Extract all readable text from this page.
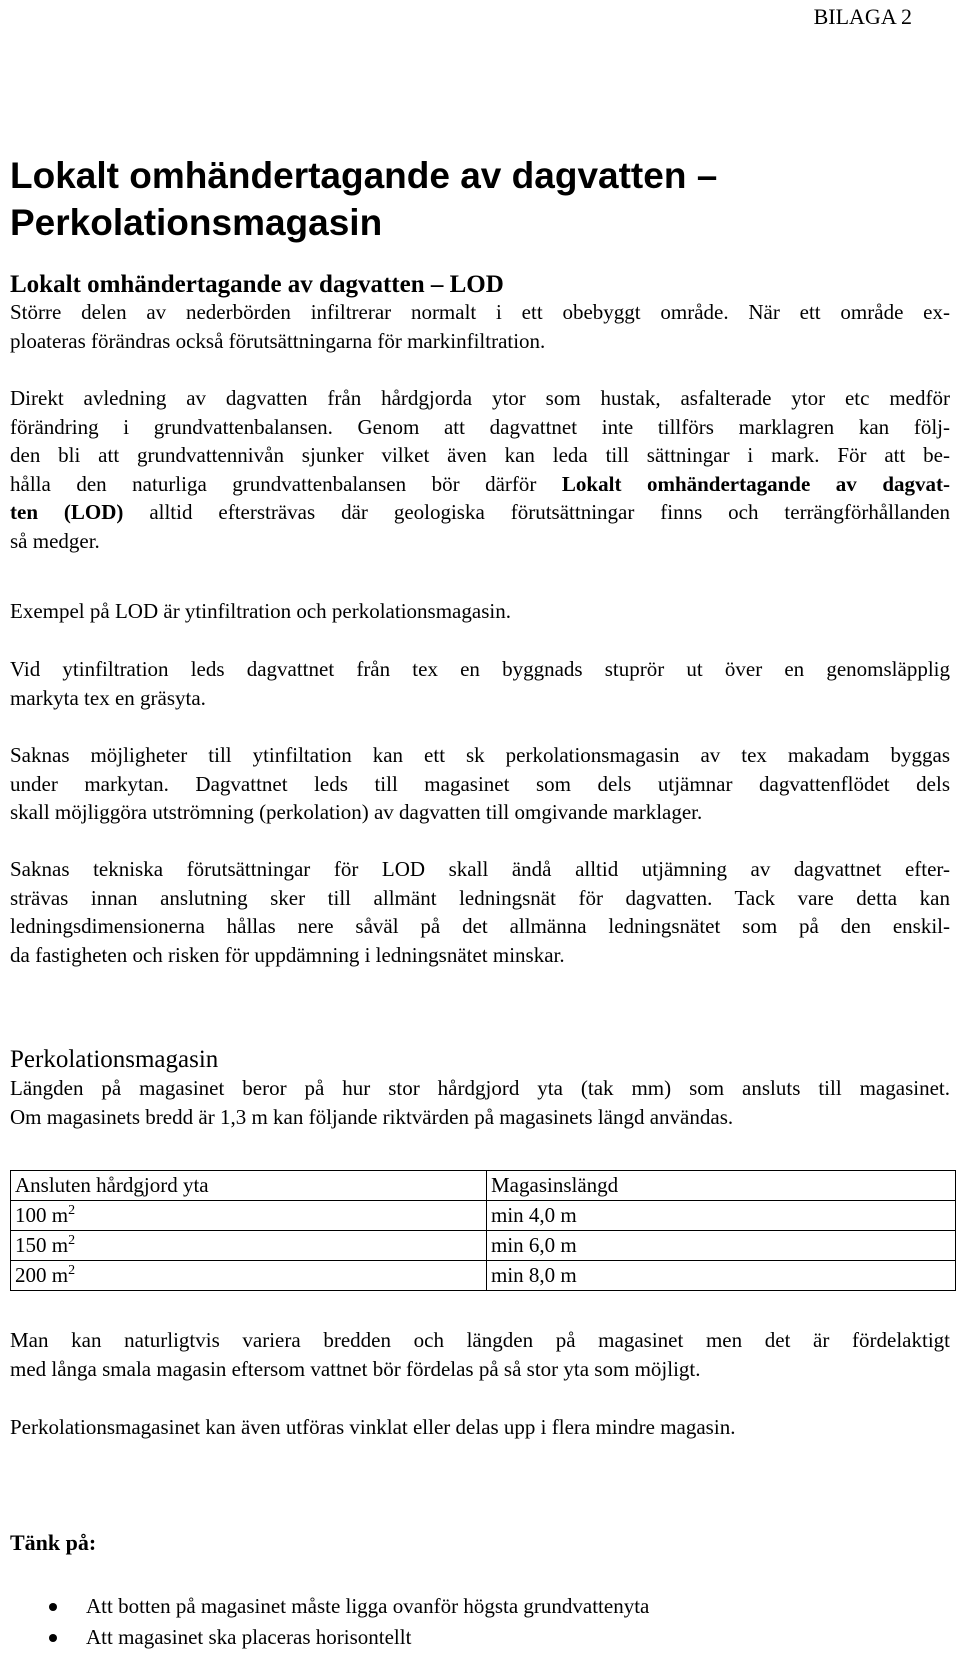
BILAGA 2
Lokalt omhändertagande av dagvatten –
Perkolationsmagasin
Lokalt omhändertagande av dagvatten – LOD
Större delen av nederbörden infiltrerar normalt i ett obebyggt område. När ett område ex-
ploateras förändras också förutsättningarna för markinfiltration.
Direkt avledning av dagvatten från hårdgjorda ytor som hustak, asfalterade ytor etc medför
förändring i grundvattenbalansen. Genom att dagvattnet inte tillförs marklagren kan följ-
den bli att grundvattennivån sjunker vilket även kan leda till sättningar i mark. För att be-
hålla den naturliga grundvattenbalansen bör därför Lokalt omhändertagande av dagvat-
ten (LOD) alltid eftersträvas där geologiska förutsättningar finns och terrängförhållanden
så medger.
Exempel på LOD är ytinfiltration och perkolationsmagasin.
Vid ytinfiltration leds dagvattnet från tex en byggnads stuprör ut över en genomsläpplig
markyta tex en gräsyta.
Saknas möjligheter till ytinfiltation kan ett sk perkolationsmagasin av tex makadam byggas
under markytan. Dagvattnet leds till magasinet som dels utjämnar dagvattenflödet dels
skall möjliggöra utströmning (perkolation) av dagvatten till omgivande marklager.
Saknas tekniska förutsättningar för LOD skall ändå alltid utjämning av dagvattnet efter-
strävas innan anslutning sker till allmänt ledningsnät för dagvatten. Tack vare detta kan
ledningsdimensionerna hållas nere såväl på det allmänna ledningsnätet som på den enskil-
da fastigheten och risken för uppdämning i ledningsnätet minskar.
Perkolationsmagasin
Längden på magasinet beror på hur stor hårdgjord yta (tak mm) som ansluts till magasinet.
Om magasinets bredd är 1,3 m kan följande riktvärden på magasinets längd användas.
Ansluten hårdgjord yta	Magasinslängd
100 $m^2$	min 4,0 m
150 $m^2$	min 6,0 m
200 $m^2$	min 8,0 m
Man kan naturligtvis variera bredden och längden på magasinet men det är fördelaktigt
med långa smala magasin eftersom vattnet bör fördelas på så stor yta som möjligt.
Perkolationsmagasinet kan även utföras vinklat eller delas upp i flera mindre magasin.

Tänk på:

Att botten på magasinet måste ligga ovanför högsta grundvattenyta
Att magasinet ska placeras horisontellt
